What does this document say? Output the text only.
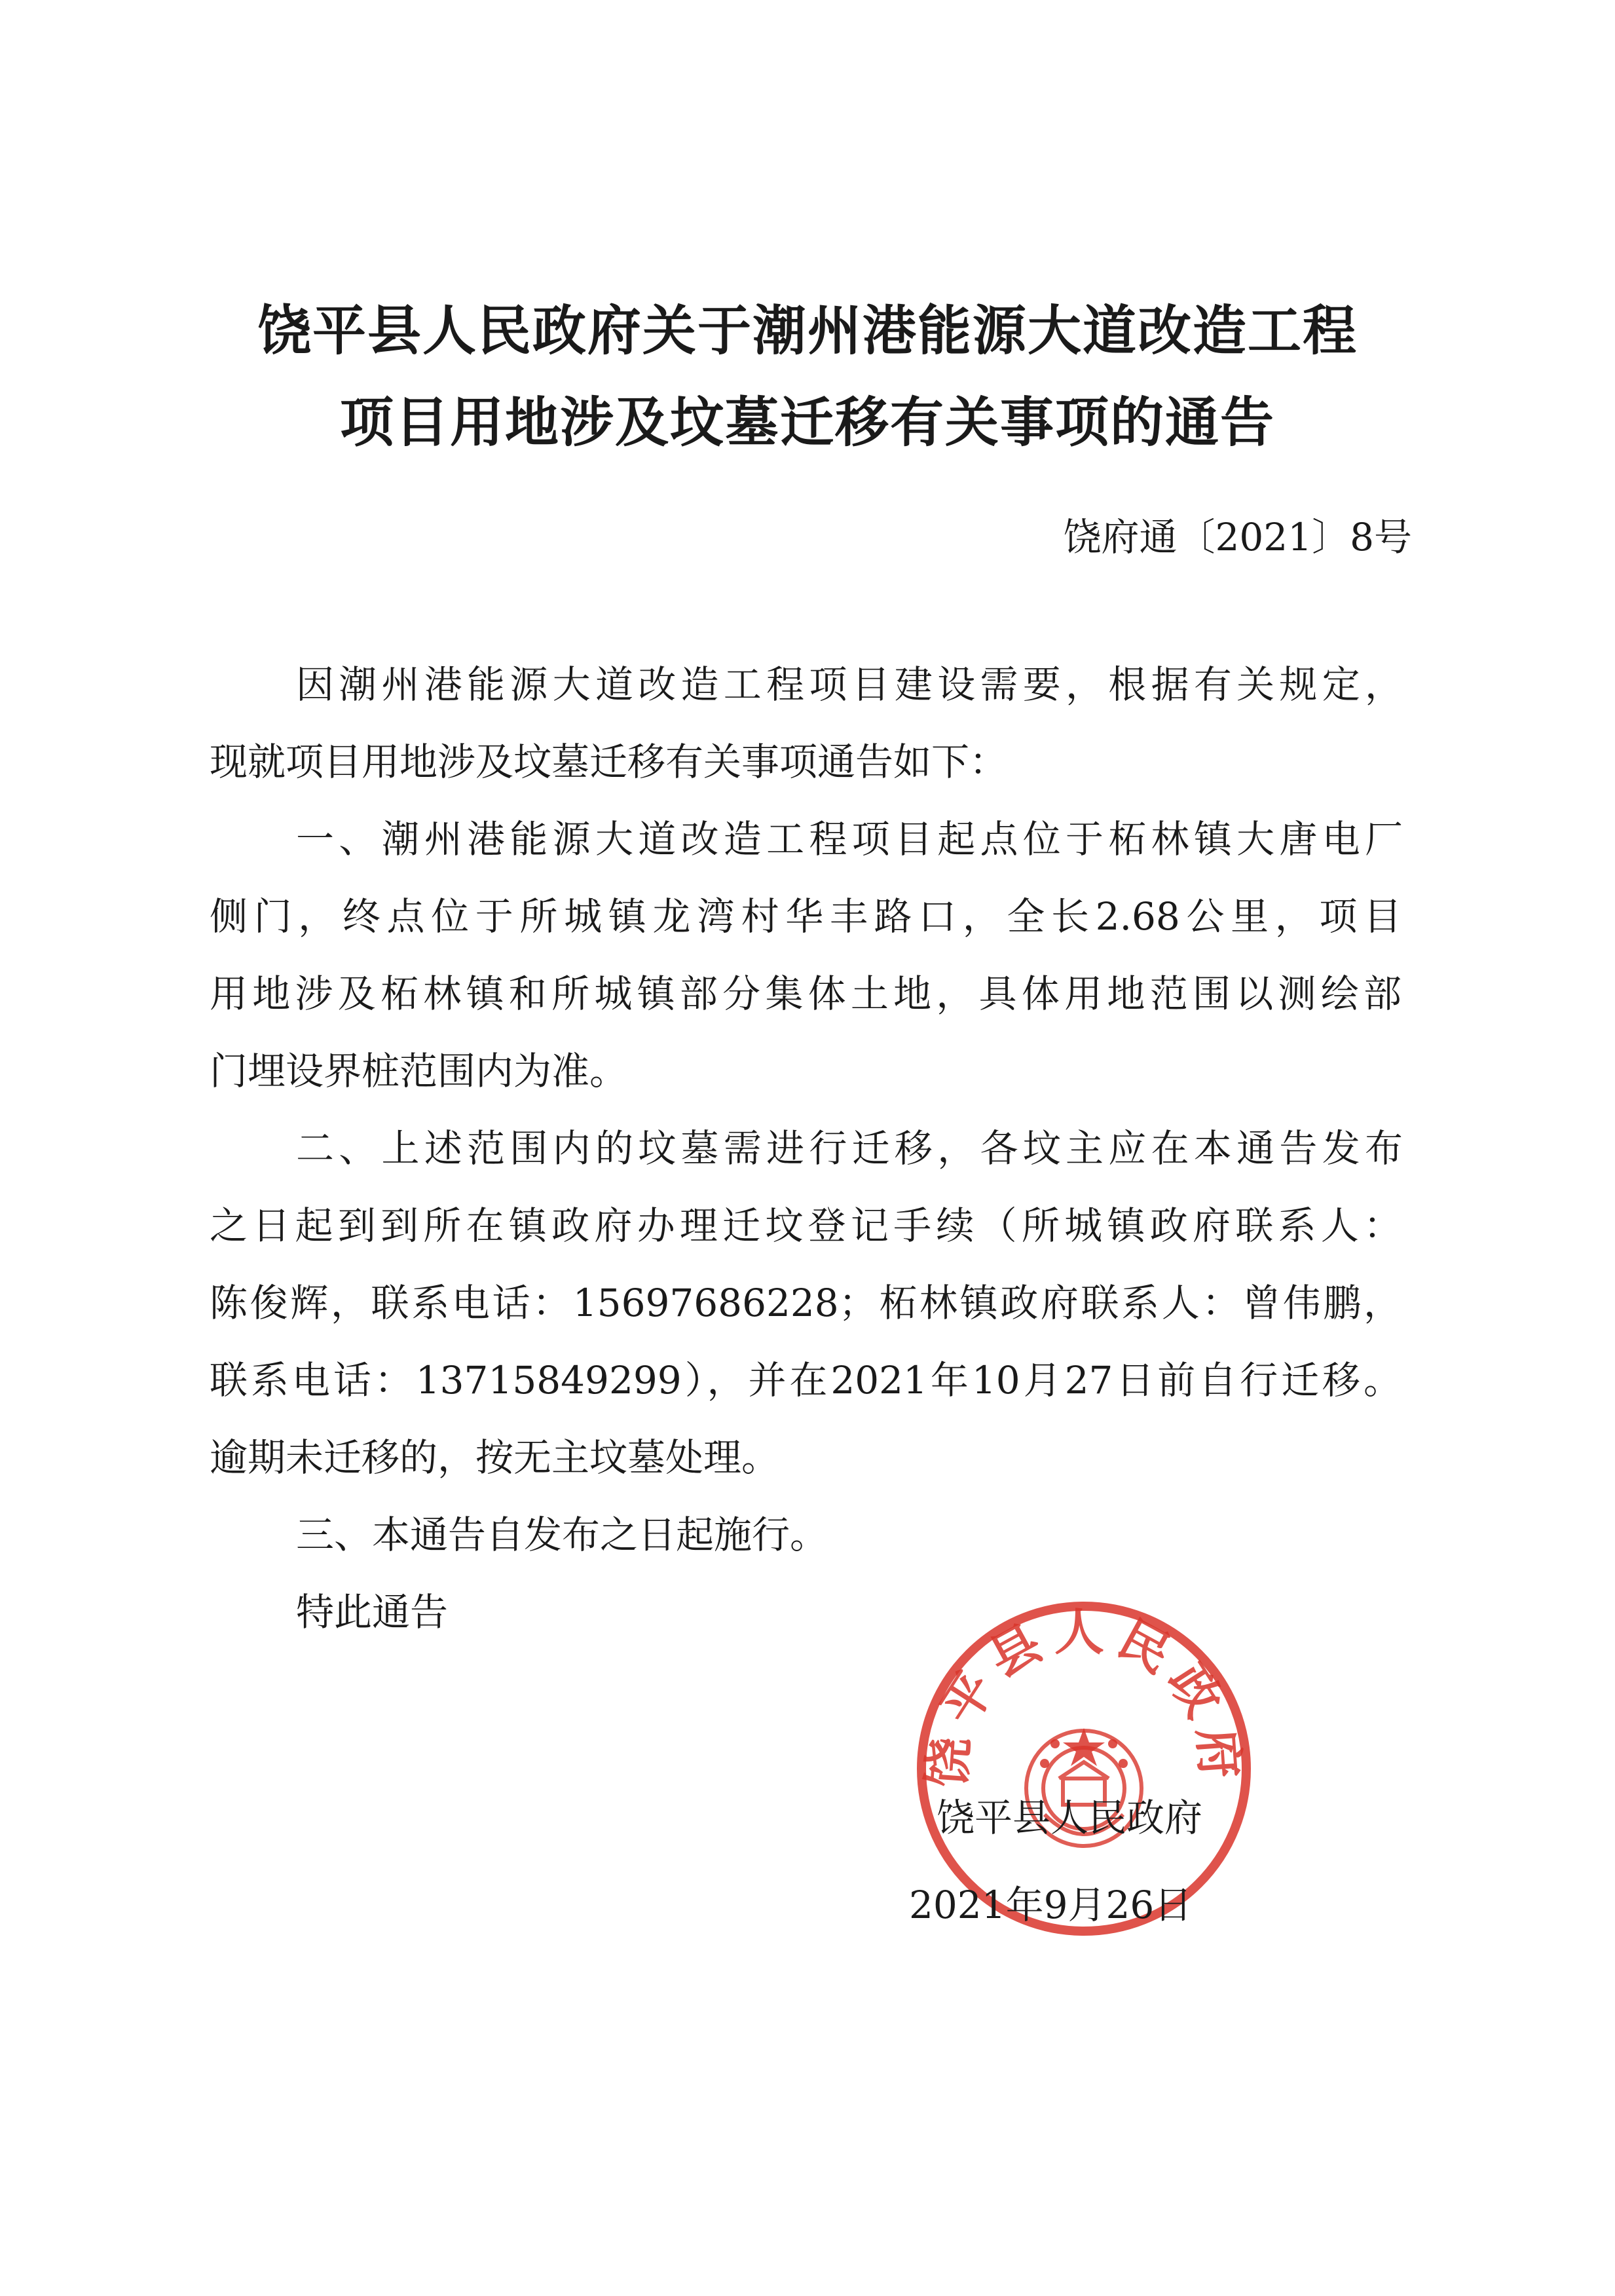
饶平县人民政府关于潮州港能源大道改造工程
项目用地涉及坟墓迁移有关事项的通告
饶府通〔2021〕8号

因潮州港能源大道改造工程项目建设需要，根据有关规定，

现就项目用地涉及坟墓迁移有关事项通告如下：

一、潮州港能源大道改造工程项目起点位于柘林镇大唐电厂

侧门，终点位于所城镇龙湾村华丰路口，全长2.68公里，项目

用地涉及柘林镇和所城镇部分集体土地，具体用地范围以测绘部

门埋设界桩范围内为准。

二、上述范围内的坟墓需进行迁移，各坟主应在本通告发布

之日起到到所在镇政府办理迁坟登记手续（所城镇政府联系人：

陈俊辉，联系电话：15697686228；柘林镇政府联系人：曾伟鹏，

联系电话：13715849299），并在2021年10月27日前自行迁移。

逾期未迁移的，按无主坟墓处理。

三、本通告自发布之日起施行。

特此通告

饶平县人民政府
饶平县人民政府
2021年9月26日
